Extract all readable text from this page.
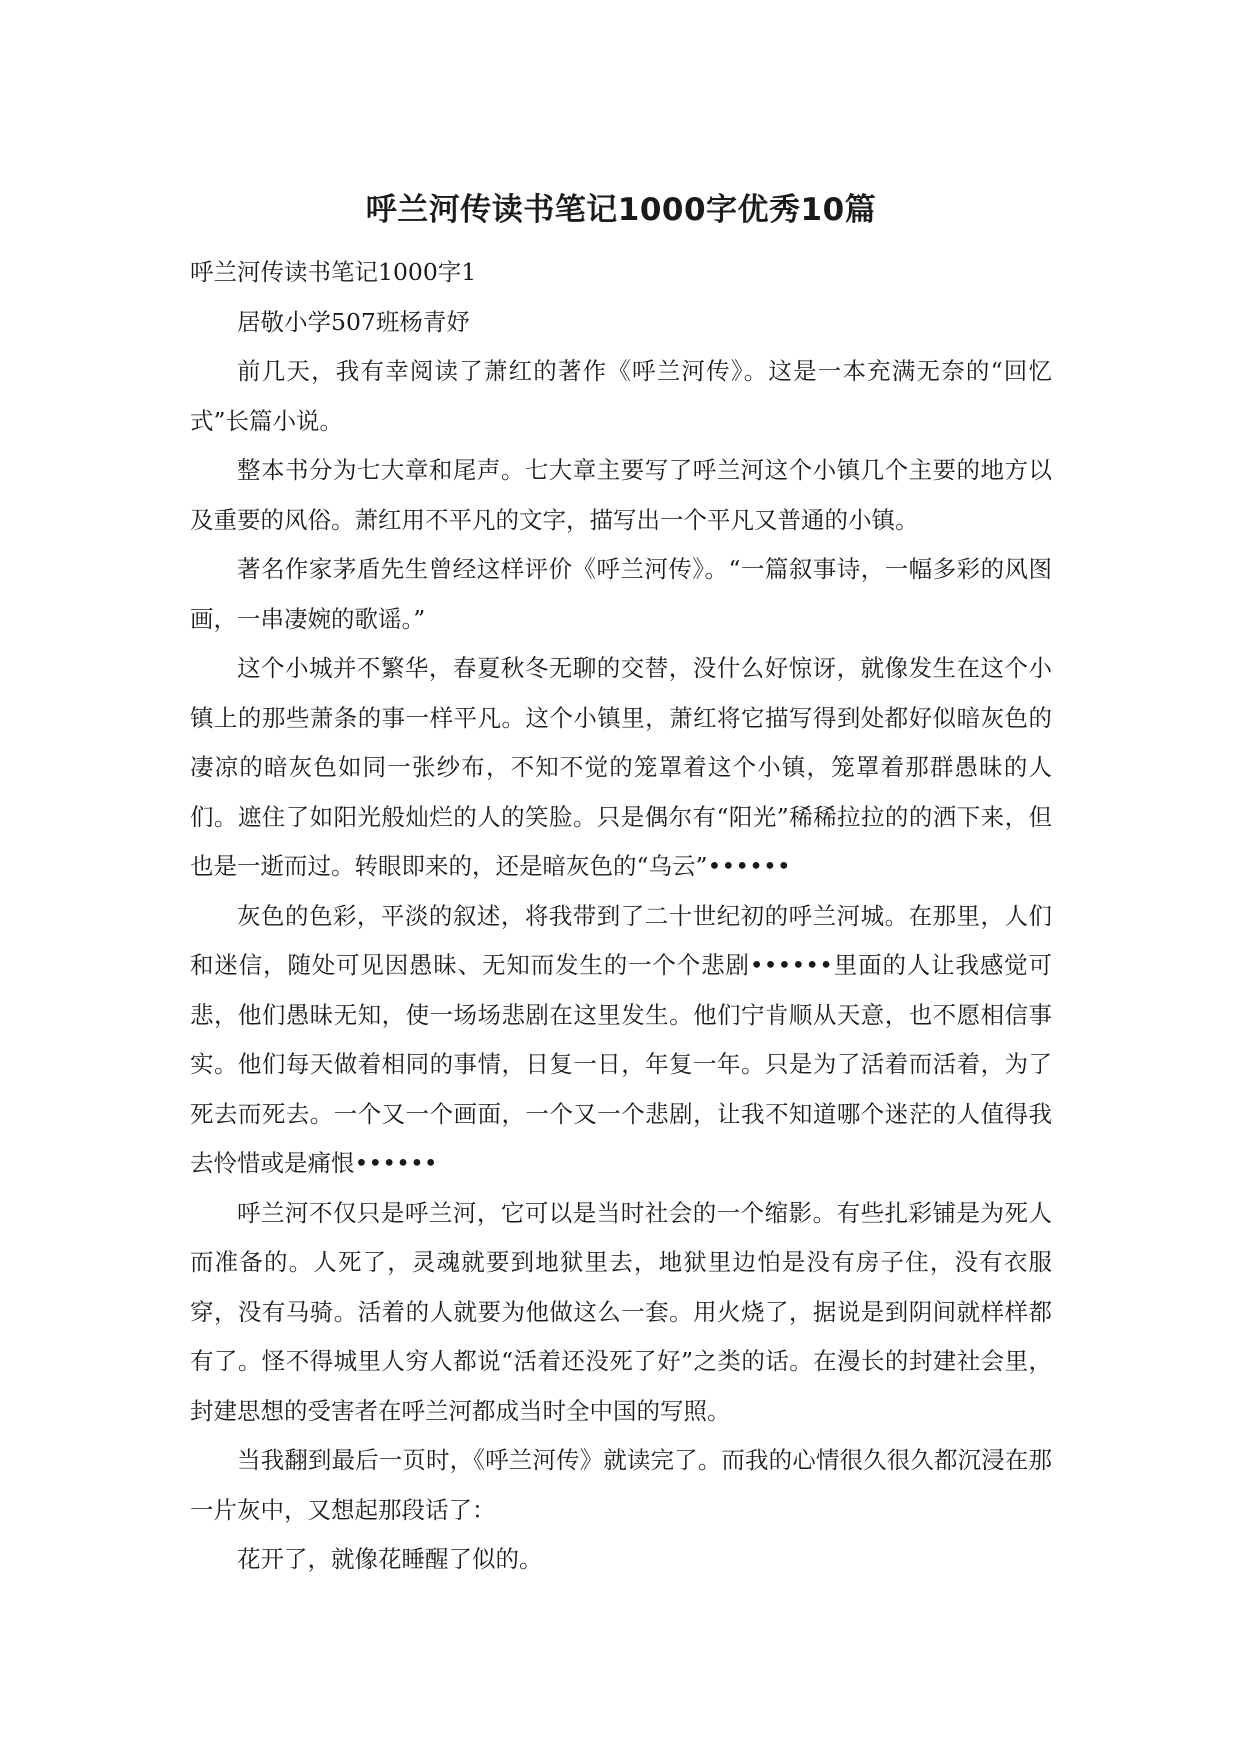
呼兰河传读书笔记1000字优秀10篇

呼兰河传读书笔记1000字1

居敬小学507班杨青妤

前几天，我有幸阅读了萧红的著作《呼兰河传》。这是一本充满无奈的“回忆式”长篇小说。

整本书分为七大章和尾声。七大章主要写了呼兰河这个小镇几个主要的地方以及重要的风俗。萧红用不平凡的文字，描写出一个平凡又普通的小镇。

著名作家茅盾先生曾经这样评价《呼兰河传》。“一篇叙事诗，一幅多彩的风图画，一串凄婉的歌谣。”

这个小城并不繁华，春夏秋冬无聊的交替，没什么好惊讶，就像发生在这个小镇上的那些萧条的事一样平凡。这个小镇里，萧红将它描写得到处都好似暗灰色的凄凉的暗灰色如同一张纱布，不知不觉的笼罩着这个小镇，笼罩着那群愚昧的人们。遮住了如阳光般灿烂的人的笑脸。只是偶尔有“阳光”稀稀拉拉的的洒下来，但也是一逝而过。转眼即来的，还是暗灰色的“乌云”••••••

灰色的色彩，平淡的叙述，将我带到了二十世纪初的呼兰河城。在那里，人们和迷信，随处可见因愚昧、无知而发生的一个个悲剧••••••里面的人让我感觉可悲，他们愚昧无知，使一场场悲剧在这里发生。他们宁肯顺从天意，也不愿相信事实。他们每天做着相同的事情，日复一日，年复一年。只是为了活着而活着，为了死去而死去。一个又一个画面，一个又一个悲剧，让我不知道哪个迷茫的人值得我去怜惜或是痛恨••••••

呼兰河不仅只是呼兰河，它可以是当时社会的一个缩影。有些扎彩铺是为死人而准备的。人死了，灵魂就要到地狱里去，地狱里边怕是没有房子住，没有衣服穿，没有马骑。活着的人就要为他做这么一套。用火烧了，据说是到阴间就样样都有了。怪不得城里人穷人都说“活着还没死了好”之类的话。在漫长的封建社会里，封建思想的受害者在呼兰河都成当时全中国的写照。

当我翻到最后一页时，《呼兰河传》就读完了。而我的心情很久很久都沉浸在那一片灰中，又想起那段话了：

花开了，就像花睡醒了似的。
